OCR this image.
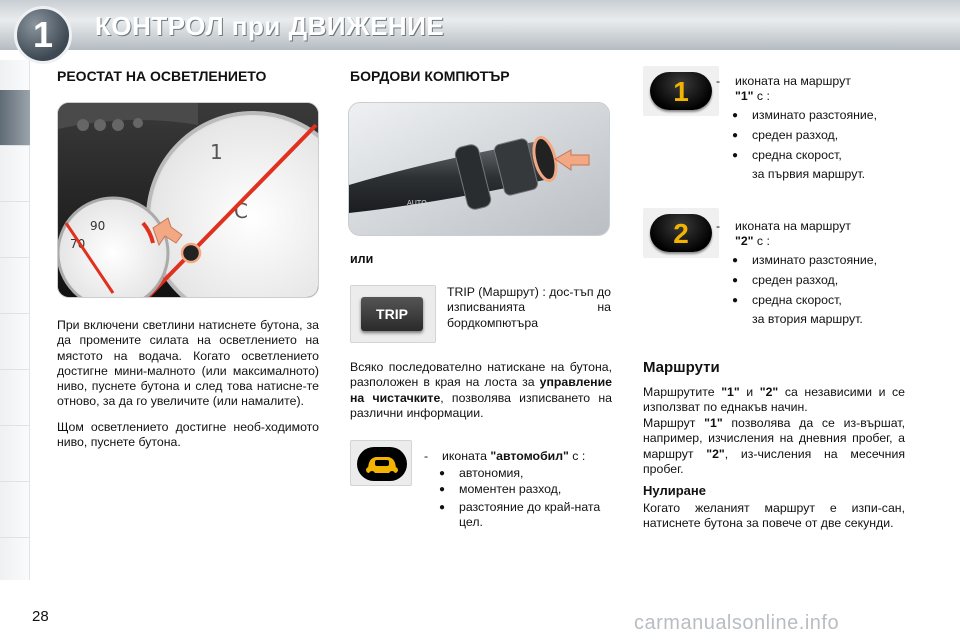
1	КОНТРОЛ при ДВИЖЕНИЕ
РЕОСТАТ НА ОСВЕТЛЕНИЕТО
1
C
90
70
При включени светлини натиснете бутона, за да промените силата на осветлението на мястото на водача. Когато осветлението достигне мини-малното (или максималното) ниво, пуснете бутона и след това натисне-те отново, за да го увеличите (или намалите).
Щом осветлението достигне необ-ходимото ниво, пуснете бутона.
БОРДОВИ КОМПЮТЪР
AUTO
или
TRIP
TRIP (Маршрут) : дос-тъп до изписванията на бордкомпютъра
Всяко последователно натискане на бутона, разположен в края на лоста за управление на чистачките, позволява изписването на различни информации.
- иконата "автомобил" с :
● автономия,
● моментен разход,
● разстояние до край-ната цел.
1	- иконата на маршрут
"1" с :
● изминато разстояние,
● среден разход,
● средна скорост,
за първия маршрут.
2	- иконата на маршрут
"2" с :
● изминато разстояние,
● среден разход,
● средна скорост,
за втория маршрут.
Маршрути
Маршрутите "1" и "2" са независими и се използват по еднакъв начин.
Маршрут "1" позволява да се из-вършат, например, изчисления на дневния пробег, а маршрут "2", из-числения на месечния пробег.
Нулиране
Когато желаният маршрут е изпи-сан, натиснете бутона за повече от две секунди.
28	carmanualsonline.info
